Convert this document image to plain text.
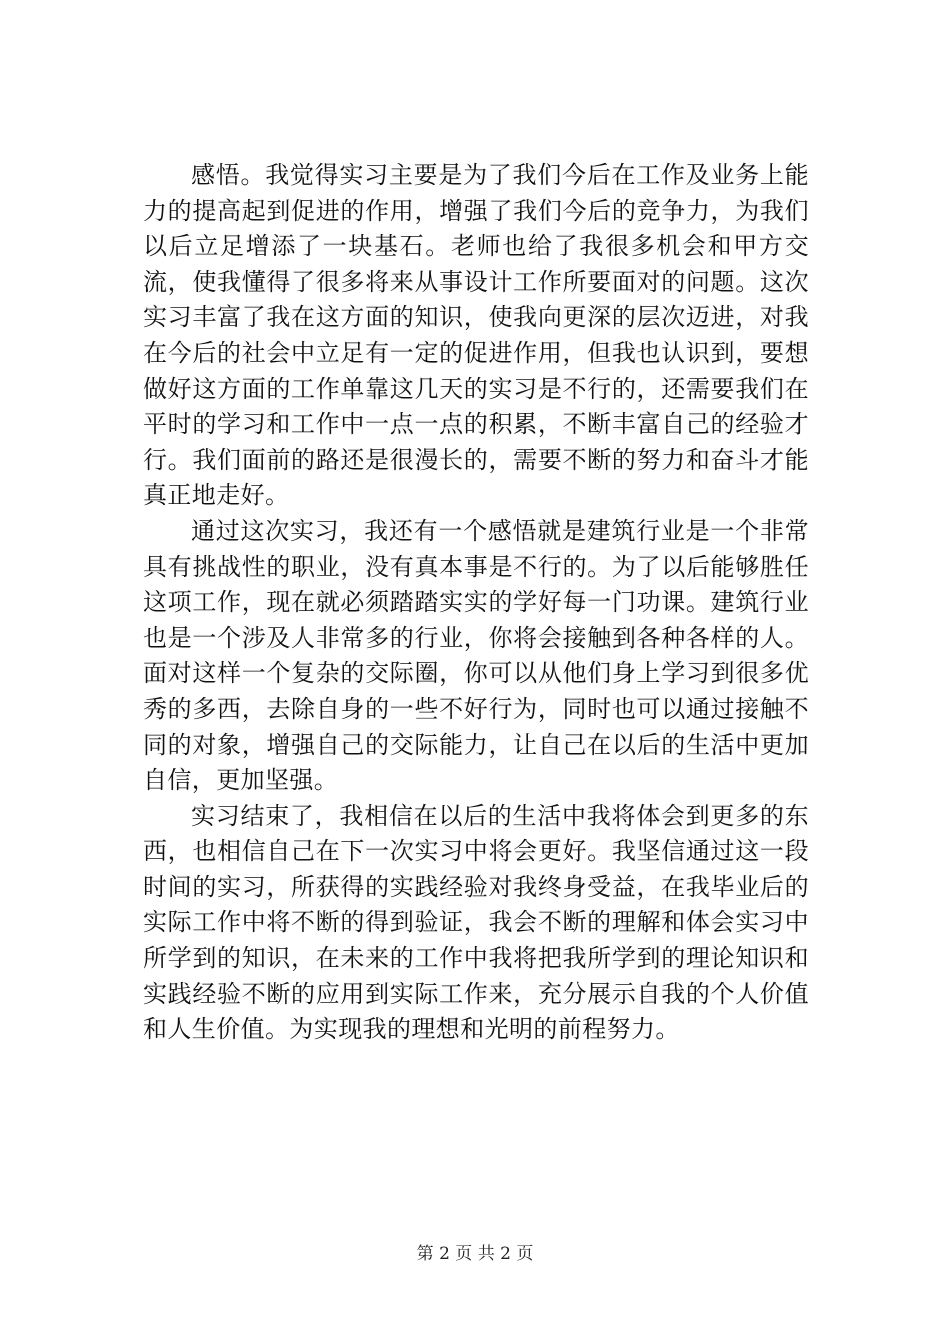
感悟。我觉得实习主要是为了我们今后在工作及业务上能力的提高起到促进的作用，增强了我们今后的竞争力，为我们以后立足增添了一块基石。老师也给了我很多机会和甲方交流，使我懂得了很多将来从事设计工作所要面对的问题。这次实习丰富了我在这方面的知识，使我向更深的层次迈进，对我在今后的社会中立足有一定的促进作用，但我也认识到，要想做好这方面的工作单靠这几天的实习是不行的，还需要我们在平时的学习和工作中一点一点的积累，不断丰富自己的经验才行。我们面前的路还是很漫长的，需要不断的努力和奋斗才能真正地走好。

通过这次实习，我还有一个感悟就是建筑行业是一个非常具有挑战性的职业，没有真本事是不行的。为了以后能够胜任这项工作，现在就必须踏踏实实的学好每一门功课。建筑行业也是一个涉及人非常多的行业，你将会接触到各种各样的人。面对这样一个复杂的交际圈，你可以从他们身上学习到很多优秀的多西，去除自身的一些不好行为，同时也可以通过接触不同的对象，增强自己的交际能力，让自己在以后的生活中更加自信，更加坚强。

实习结束了，我相信在以后的生活中我将体会到更多的东西，也相信自己在下一次实习中将会更好。我坚信通过这一段时间的实习，所获得的实践经验对我终身受益，在我毕业后的实际工作中将不断的得到验证，我会不断的理解和体会实习中所学到的知识，在未来的工作中我将把我所学到的理论知识和实践经验不断的应用到实际工作来，充分展示自我的个人价值和人生价值。为实现我的理想和光明的前程努力。

第 2 页 共 2 页
